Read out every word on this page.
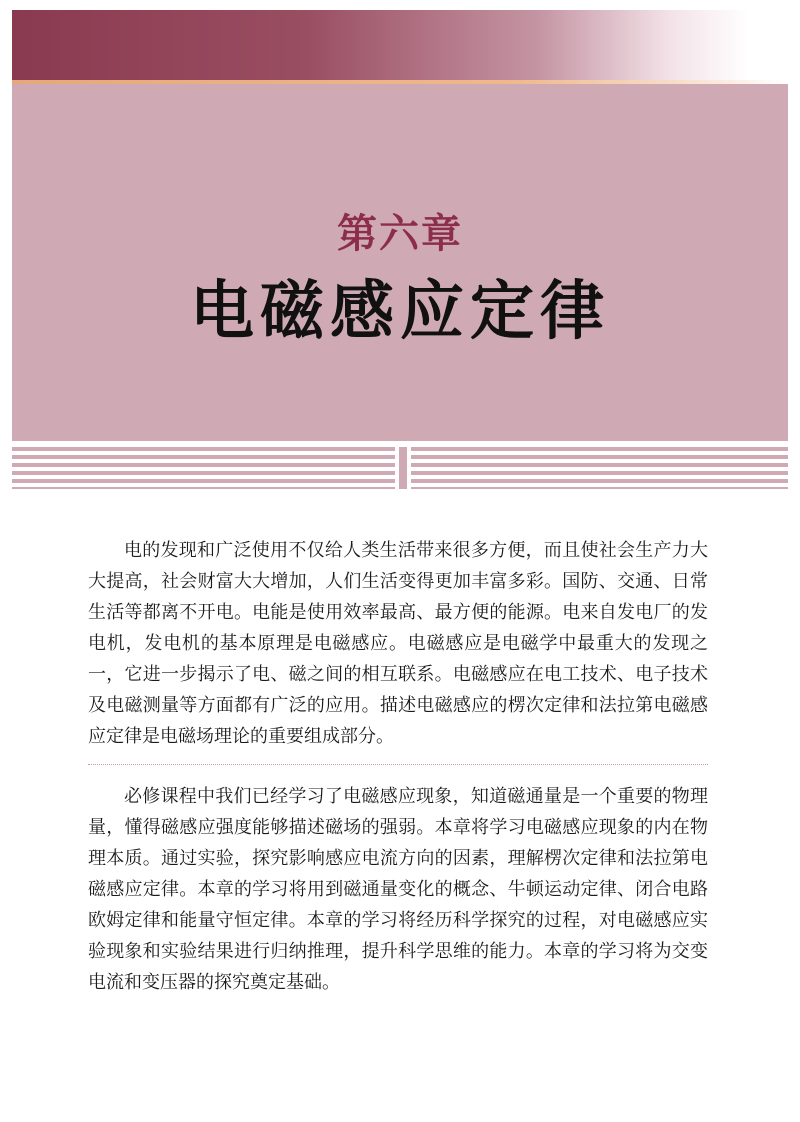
第六章
电磁感应定律

电的发现和广泛使用不仅给人类生活带来很多方便，而且使社会生产力大大提高，社会财富大大增加，人们生活变得更加丰富多彩。国防、交通、日常生活等都离不开电。电能是使用效率最高、最方便的能源。电来自发电厂的发电机，发电机的基本原理是电磁感应。电磁感应是电磁学中最重大的发现之一，它进一步揭示了电、磁之间的相互联系。电磁感应在电工技术、电子技术及电磁测量等方面都有广泛的应用。描述电磁感应的楞次定律和法拉第电磁感应定律是电磁场理论的重要组成部分。

必修课程中我们已经学习了电磁感应现象，知道磁通量是一个重要的物理量，懂得磁感应强度能够描述磁场的强弱。本章将学习电磁感应现象的内在物理本质。通过实验，探究影响感应电流方向的因素，理解楞次定律和法拉第电磁感应定律。本章的学习将用到磁通量变化的概念、牛顿运动定律、闭合电路欧姆定律和能量守恒定律。本章的学习将经历科学探究的过程，对电磁感应实验现象和实验结果进行归纳推理，提升科学思维的能力。本章的学习将为交变电流和变压器的探究奠定基础。
